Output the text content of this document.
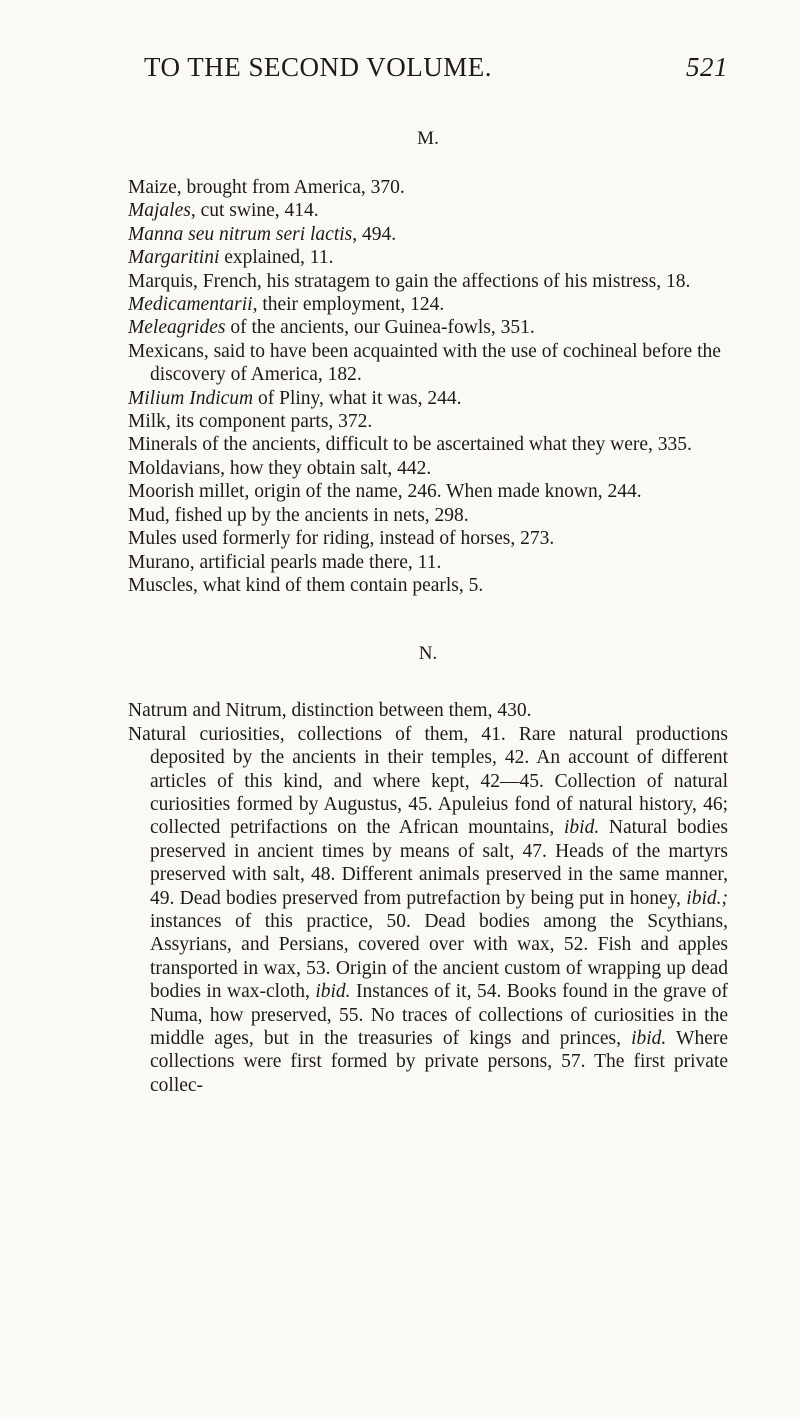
TO THE SECOND VOLUME.	521
M.
Maize, brought from America, 370.
Majales, cut swine, 414.
Manna seu nitrum seri lactis, 494.
Margaritini explained, 11.
Marquis, French, his stratagem to gain the affections of his mistress, 18.
Medicamentarii, their employment, 124.
Meleagrides of the ancients, our Guinea-fowls, 351.
Mexicans, said to have been acquainted with the use of cochineal before the discovery of America, 182.
Milium Indicum of Pliny, what it was, 244.
Milk, its component parts, 372.
Minerals of the ancients, difficult to be ascertained what they were, 335.
Moldavians, how they obtain salt, 442.
Moorish millet, origin of the name, 246. When made known, 244.
Mud, fished up by the ancients in nets, 298.
Mules used formerly for riding, instead of horses, 273.
Murano, artificial pearls made there, 11.
Muscles, what kind of them contain pearls, 5.
N.
Natrum and Nitrum, distinction between them, 430.
Natural curiosities, collections of them, 41. Rare natural productions deposited by the ancients in their temples, 42. An account of different articles of this kind, and where kept, 42—45. Collection of natural curiosities formed by Augustus, 45. Apuleius fond of natural history, 46; collected petrifactions on the African mountains, ibid. Natural bodies preserved in ancient times by means of salt, 47. Heads of the martyrs preserved with salt, 48. Different animals preserved in the same manner, 49. Dead bodies preserved from putrefaction by being put in honey, ibid.; instances of this practice, 50. Dead bodies among the Scythians, Assyrians, and Persians, covered over with wax, 52. Fish and apples transported in wax, 53. Origin of the ancient custom of wrapping up dead bodies in wax-cloth, ibid. Instances of it, 54. Books found in the grave of Numa, how preserved, 55. No traces of collections of curiosities in the middle ages, but in the treasuries of kings and princes, ibid. Where collections were first formed by private persons, 57. The first private collec-
